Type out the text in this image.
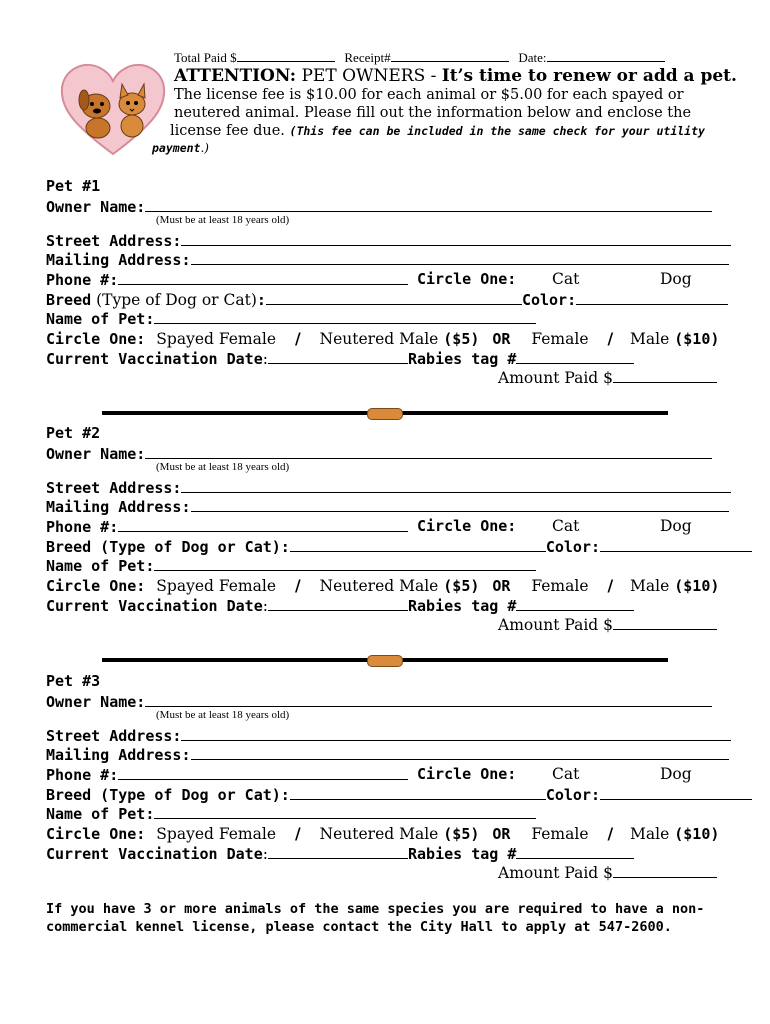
Total Paid $	Receipt#	Date:
ATTENTION: PET OWNERS - It’s time to renew or add a pet.
The license fee is $10.00 for each animal or $5.00 for each spayed or
neutered animal. Please fill out the information below and enclose the
license fee due. (This fee can be included in the same check for your utility
payment.)
Pet #1
Owner Name:
(Must be at least 18 years old)
Street Address:
Mailing Address:
Phone #:	Circle One: Cat	Dog
Breed (Type of Dog or Cat):	Color:
Name of Pet:
Circle One: Spayed Female / Neutered Male ($5) OR Female / Male ($10)
Current Vaccination Date:	Rabies tag #
Amount Paid $
Pet #2
Owner Name:
(Must be at least 18 years old)
Street Address:
Mailing Address:
Phone #:	Circle One: Cat	Dog
Breed (Type of Dog or Cat):	Color:
Name of Pet:
Circle One: Spayed Female / Neutered Male ($5) OR Female / Male ($10)
Current Vaccination Date:	Rabies tag #
Amount Paid $
Pet #3
Owner Name:
(Must be at least 18 years old)
Street Address:
Mailing Address:
Phone #:	Circle One: Cat	Dog
Breed (Type of Dog or Cat):	Color:
Name of Pet:
Circle One: Spayed Female / Neutered Male ($5) OR Female / Male ($10)
Current Vaccination Date:	Rabies tag #
Amount Paid $
If you have 3 or more animals of the same species you are required to have a non-
commercial kennel license, please contact the City Hall to apply at 547-2600.
